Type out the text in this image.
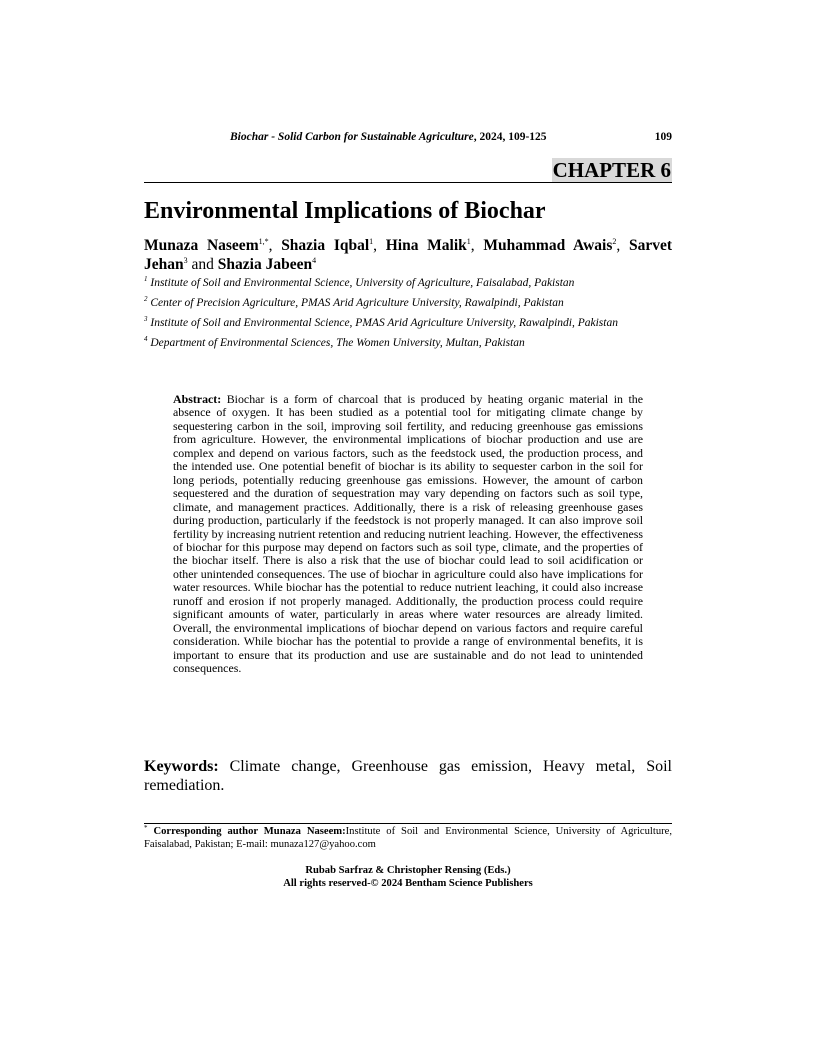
Biochar - Solid Carbon for Sustainable Agriculture, 2024, 109-125	109
CHAPTER 6
Environmental Implications of Biochar
Munaza Naseem$^{1,*}$, Shazia Iqbal$^1$, Hina Malik$^1$, Muhammad Awais$^2$, Sarvet Jehan$^3$ and Shazia Jabeen$^4$
$^1$ Institute of Soil and Environmental Science, University of Agriculture, Faisalabad, Pakistan
$^2$ Center of Precision Agriculture, PMAS Arid Agriculture University, Rawalpindi, Pakistan
$^3$ Institute of Soil and Environmental Science, PMAS Arid Agriculture University, Rawalpindi, Pakistan
$^4$ Department of Environmental Sciences, The Women University, Multan, Pakistan
Abstract: Biochar is a form of charcoal that is produced by heating organic material in the absence of oxygen. It has been studied as a potential tool for mitigating climate change by sequestering carbon in the soil, improving soil fertility, and reducing greenhouse gas emissions from agriculture. However, the environmental implications of biochar production and use are complex and depend on various factors, such as the feedstock used, the production process, and the intended use. One potential benefit of biochar is its ability to sequester carbon in the soil for long periods, potentially reducing greenhouse gas emissions. However, the amount of carbon sequestered and the duration of sequestration may vary depending on factors such as soil type, climate, and management practices. Additionally, there is a risk of releasing greenhouse gases during production, particularly if the feedstock is not properly managed. It can also improve soil fertility by increasing nutrient retention and reducing nutrient leaching. However, the effectiveness of biochar for this purpose may depend on factors such as soil type, climate, and the properties of the biochar itself. There is also a risk that the use of biochar could lead to soil acidification or other unintended consequences. The use of biochar in agriculture could also have implications for water resources. While biochar has the potential to reduce nutrient leaching, it could also increase runoff and erosion if not properly managed. Additionally, the production process could require significant amounts of water, particularly in areas where water resources are already limited. Overall, the environmental implications of biochar depend on various factors and require careful consideration. While biochar has the potential to provide a range of environmental benefits, it is important to ensure that its production and use are sustainable and do not lead to unintended consequences.
Keywords: Climate change, Greenhouse gas emission, Heavy metal, Soil remediation.
* Corresponding author Munaza Naseem:Institute of Soil and Environmental Science, University of Agriculture, Faisalabad, Pakistan; E-mail: munaza127@yahoo.com
Rubab Sarfraz & Christopher Rensing (Eds.)
All rights reserved-© 2024 Bentham Science Publishers
